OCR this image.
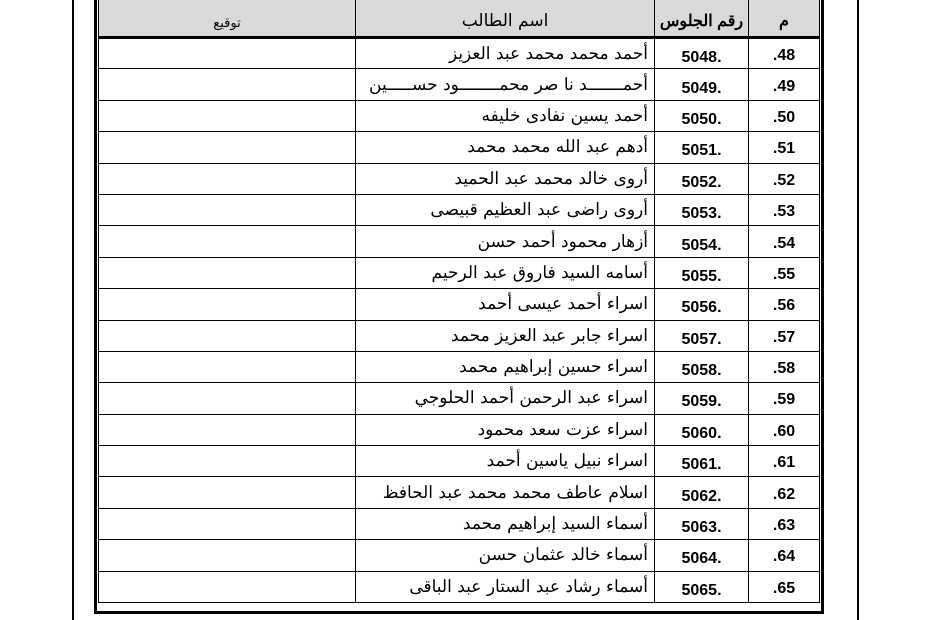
م	رقم الجلوس	اسم الطالب	توقيع
48.	.5048	أحمد محمد محمد عبد العزيز	
49.	.5049	أحمـــــــد نا صر محمــــــــود حســـــين	
50.	.5050	أحمد يسين نفادى خليفه	
51.	.5051	أدهم عبد الله محمد محمد	
52.	.5052	أروى خالد محمد عبد الحميد	
53.	.5053	أروى راضى عبد العظيم قبيصى	
54.	.5054	أزهار محمود أحمد حسن	
55.	.5055	أسامه السيد فاروق عبد الرحيم	
56.	.5056	اسراء أحمد عيسى أحمد	
57.	.5057	اسراء جابر عبد العزيز محمد	
58.	.5058	اسراء حسين إبراهيم محمد	
59.	.5059	اسراء عبد الرحمن أحمد الحلوجي	
60.	.5060	اسراء عزت سعد محمود	
61.	.5061	اسراء نبيل ياسين أحمد	
62.	.5062	اسلام عاطف محمد محمد عبد الحافظ	
63.	.5063	أسماء السيد إبراهيم محمد	
64.	.5064	أسماء خالد عثمان حسن	
65.	.5065	أسماء رشاد عبد الستار عبد الباقى	
